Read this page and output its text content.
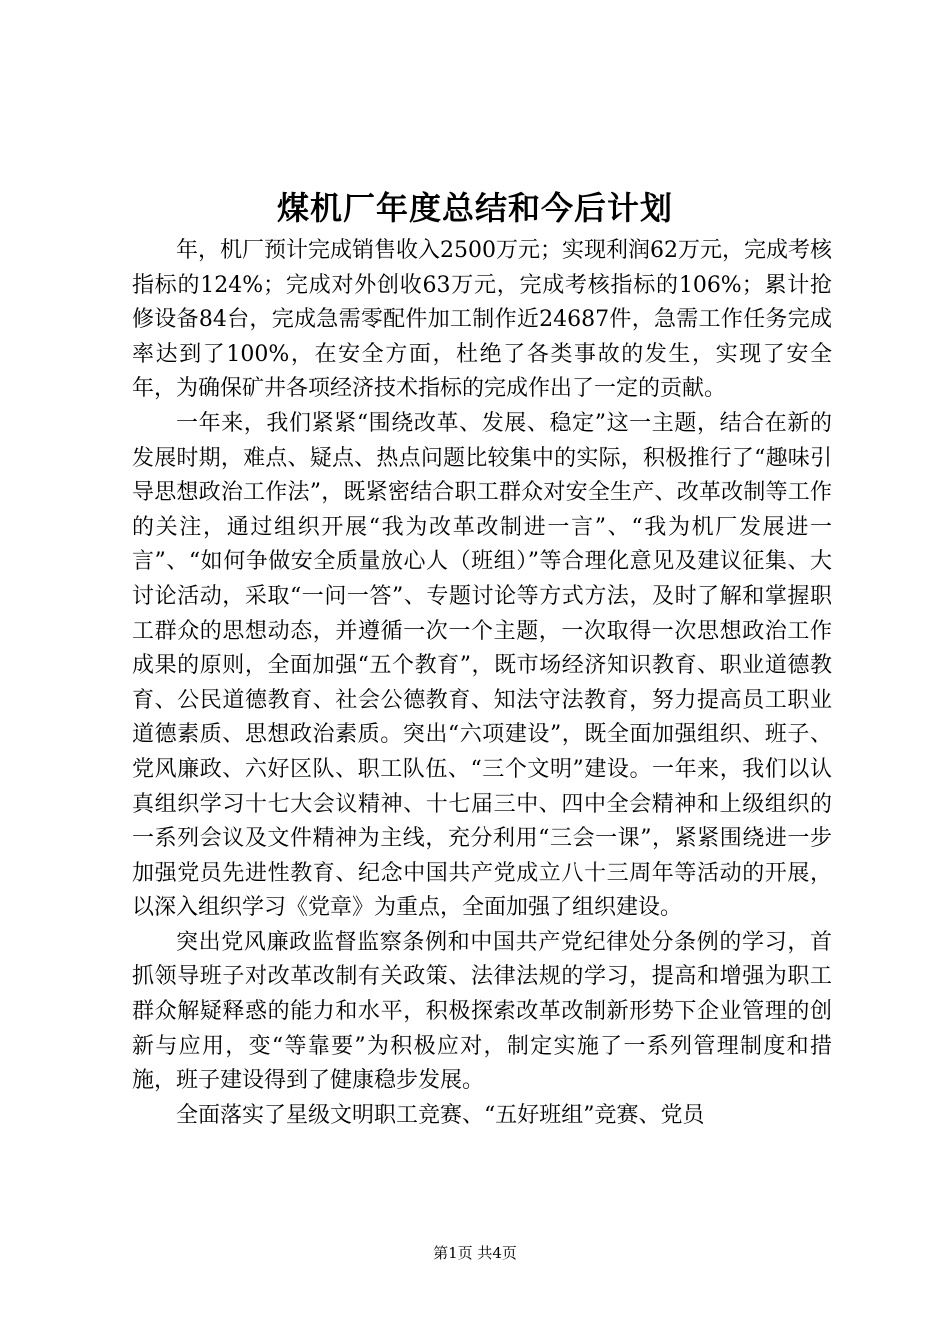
煤机厂年度总结和今后计划

年，机厂预计完成销售收入2500万元；实现利润62万元，完成考核指标的124%；完成对外创收63万元，完成考核指标的106%；累计抢修设备84台，完成急需零配件加工制作近24687件，急需工作任务完成率达到了100%，在安全方面，杜绝了各类事故的发生，实现了安全年，为确保矿井各项经济技术指标的完成作出了一定的贡献。

一年来，我们紧紧“围绕改革、发展、稳定”这一主题，结合在新的发展时期，难点、疑点、热点问题比较集中的实际，积极推行了“趣味引导思想政治工作法”，既紧密结合职工群众对安全生产、改革改制等工作的关注，通过组织开展“我为改革改制进一言”、“我为机厂发展进一言”、“如何争做安全质量放心人（班组）”等合理化意见及建议征集、大讨论活动，采取“一问一答”、专题讨论等方式方法，及时了解和掌握职工群众的思想动态，并遵循一次一个主题，一次取得一次思想政治工作成果的原则，全面加强“五个教育”，既市场经济知识教育、职业道德教育、公民道德教育、社会公德教育、知法守法教育，努力提高员工职业道德素质、思想政治素质。突出“六项建设”，既全面加强组织、班子、党风廉政、六好区队、职工队伍、“三个文明”建设。一年来，我们以认真组织学习十七大会议精神、十七届三中、四中全会精神和上级组织的一系列会议及文件精神为主线，充分利用“三会一课”，紧紧围绕进一步加强党员先进性教育、纪念中国共产党成立八十三周年等活动的开展，以深入组织学习《党章》为重点，全面加强了组织建设。

突出党风廉政监督监察条例和中国共产党纪律处分条例的学习，首抓领导班子对改革改制有关政策、法律法规的学习，提高和增强为职工群众解疑释惑的能力和水平，积极探索改革改制新形势下企业管理的创新与应用，变“等靠要”为积极应对，制定实施了一系列管理制度和措施，班子建设得到了健康稳步发展。

全面落实了星级文明职工竞赛、“五好班组”竞赛、党员

第1页 共4页
